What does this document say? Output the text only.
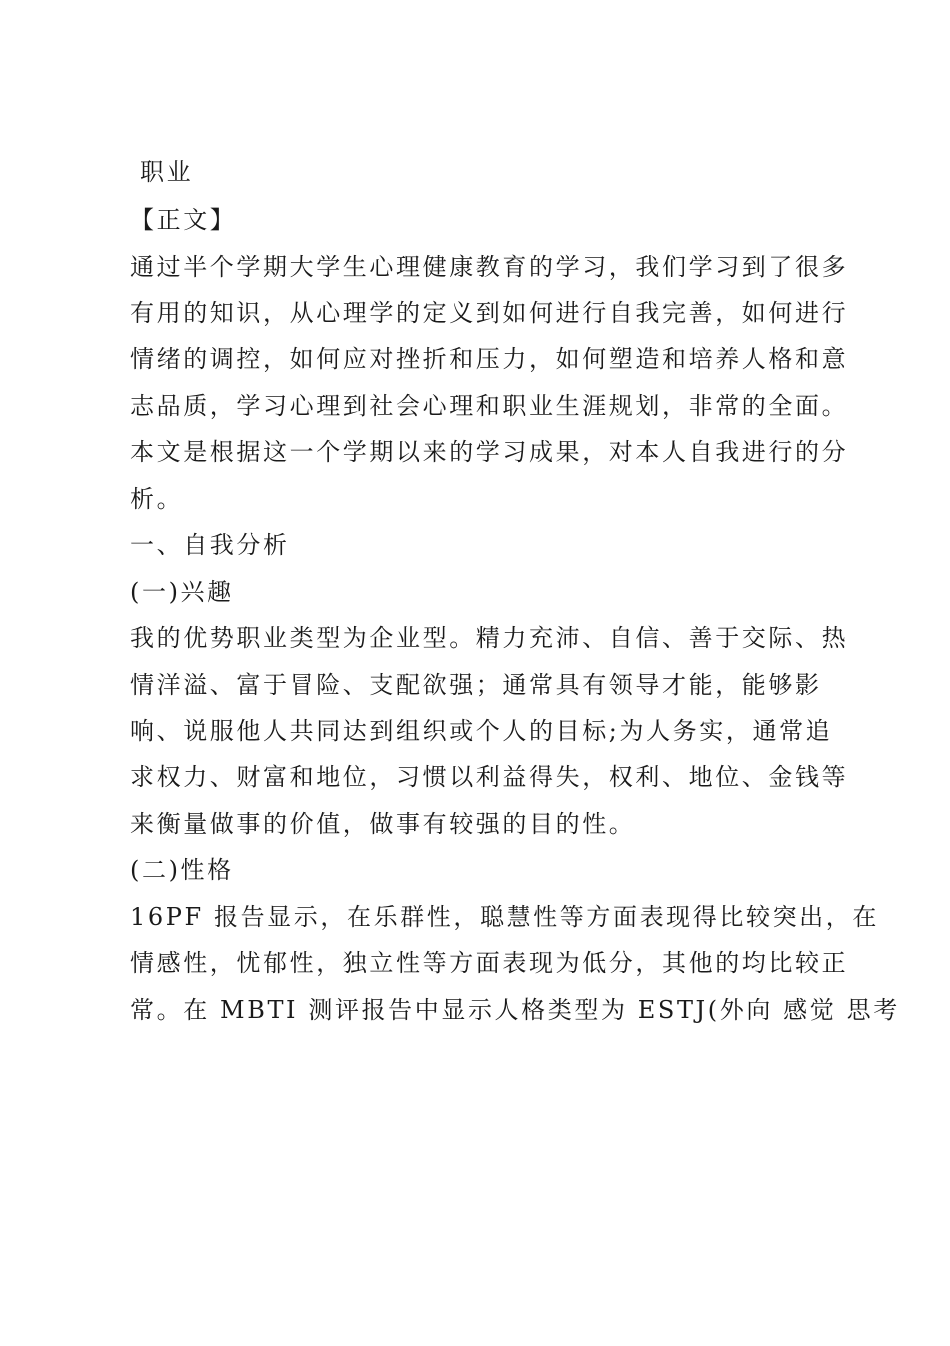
职业
【正文】
通过半个学期大学生心理健康教育的学习，我们学习到了很多
有用的知识，从心理学的定义到如何进行自我完善，如何进行
情绪的调控，如何应对挫折和压力，如何塑造和培养人格和意
志品质，学习心理到社会心理和职业生涯规划，非常的全面。
本文是根据这一个学期以来的学习成果，对本人自我进行的分
析。
一、自我分析
(一)兴趣
我的优势职业类型为企业型。精力充沛、自信、善于交际、热
情洋溢、富于冒险、支配欲强；通常具有领导才能，能够影
响、说服他人共同达到组织或个人的目标;为人务实，通常追
求权力、财富和地位，习惯以利益得失，权利、地位、金钱等
来衡量做事的价值，做事有较强的目的性。
(二)性格
16PF 报告显示，在乐群性，聪慧性等方面表现得比较突出，在
情感性，忧郁性，独立性等方面表现为低分，其他的均比较正
常。在 MBTI 测评报告中显示人格类型为 ESTJ(外向 感觉 思考
